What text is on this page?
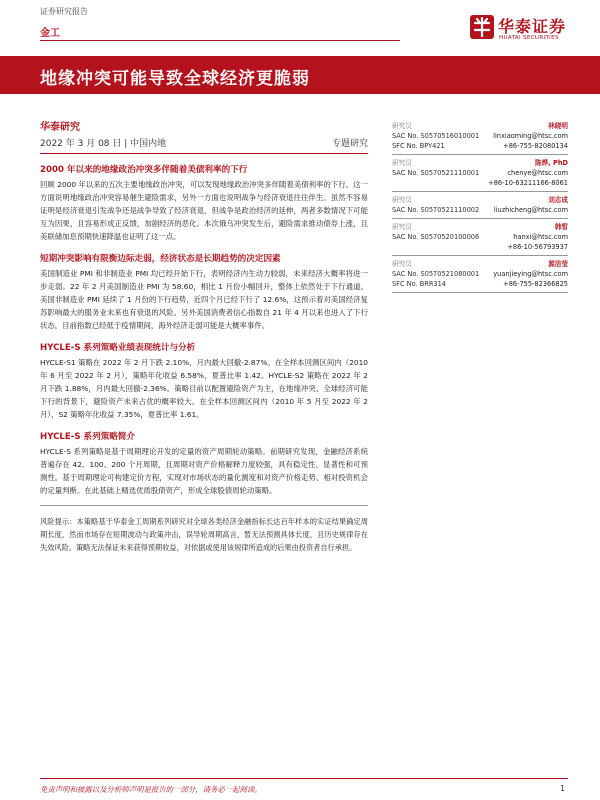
证券研究报告
金工	华泰证券
HUATAI SECURITIES
地缘冲突可能导致全球经济更脆弱
华泰研究
2022 年 3 月 08 日 | 中国内地	专题研究
2000 年以来的地缘政治冲突多伴随着美债利率的下行
回顾 2000 年以来的五次主要地缘政治冲突，可以发现地缘政治冲突多伴随着美债利率的下行。这一方面说明地缘政治冲突容易催生避险需求，另外一方面也说明战争与经济衰退往往伴生。虽然不容易证明是经济衰退引发战争还是战争导致了经济衰退，但战争是政治经济的延伸，两者多数情况下可能互为因果，且容易形成正反馈，加剧经济的恶化。本次俄乌冲突发生后，避险需求推动债券上涨，且美联储加息预期快速降温也证明了这一点。
短期冲突影响有限衡边际走弱，经济状态是长期趋势的决定因素
美国制造业 PMI 和非制造业 PMI 均已经开始下行，表明经济内生动力较弱，未来经济大概率将进一步走弱。22 年 2 月美国制造业 PMI 为 58.60，相比 1 月份小幅回升，整体上依然处于下行通道。美国非制造业 PMI 延续了 1 月份的下行趋势，近四个月已经下行了 12.6%，这预示着对美国经济复苏影响最大的服务业未来也有衰退的风险。另外美国消费者信心指数自 21 年 4 月以来也进入了下行状态，目前指数已经低于疫情期间，海外经济走弱可能是大概率事件。
HYCLE-S 系列策略业绩表现统计与分析
HYCLE-S1 策略在 2022 年 2 月下跌 2.10%，月内最大回撤-2.87%。在全样本回测区间内（2010 年 6 月至 2022 年 2 月），策略年化收益 6.58%，夏普比率 1.42。HYCLE-S2 策略在 2022 年 2 月下跌 1.88%，月内最大回撤-2.36%。策略目前以配置避险资产为主，在地缘冲突、全球经济可能下行的背景下，避险资产未来占优的概率较大。在全样本回测区间内（2010 年 5 月至 2022 年 2 月），S2 策略年化收益 7.35%，夏普比率 1.61。
HYCLE-S 系列策略简介
HYCLE-S 系列策略是基于周期理论开发的定量的资产周期轮动策略。前期研究发现，金融经济系统普遍存在 42、100、200 个月周期，且周期对资产价格解释力度较强，具有稳定性、显著性和可预测性。基于周期理论可构建定价方程，实现对市场状态的量化测度和对资产价格走势、相对投资机会的定量判断。在此基础上精选优质股债资产，形成全球股债周轮动策略。
风险提示：本策略基于华泰金工周期系列研究对全球各类经济金融指标长达百年样本的实证结果确定周期长度，然而市场存在短期波动与政策冲击，误导轮周期高言，暂无法预测具体长度，且历史规律存在失效风险。策略无法保证未来获得预期收益，对依据或使用该规律所造成的后果由投资者自行承担。
研究员	林晓明
SAC No. S0570516010001 linxiaoming@htsc.com
SFC No. BPY421	+86-755-82080134
研究员	陈烨, PhD
SAC No. S0570521110001	chenye@htsc.com
+86-10-63211166-8061
研究员	刘志成
SAC No. S0570521110002 liuzhicheng@htsc.com
研究员	韩晳
SAC No. S0570520100006	hanxi@htsc.com
+86-10-56793937
研究员	源洁莹
SAC No. S0570521080001 yuanjieying@htsc.com
SFC No. BRR314	+86-755-82366825
免责声明和披露以及分析师声明是报告的一部分，请务必一起阅读。	1
